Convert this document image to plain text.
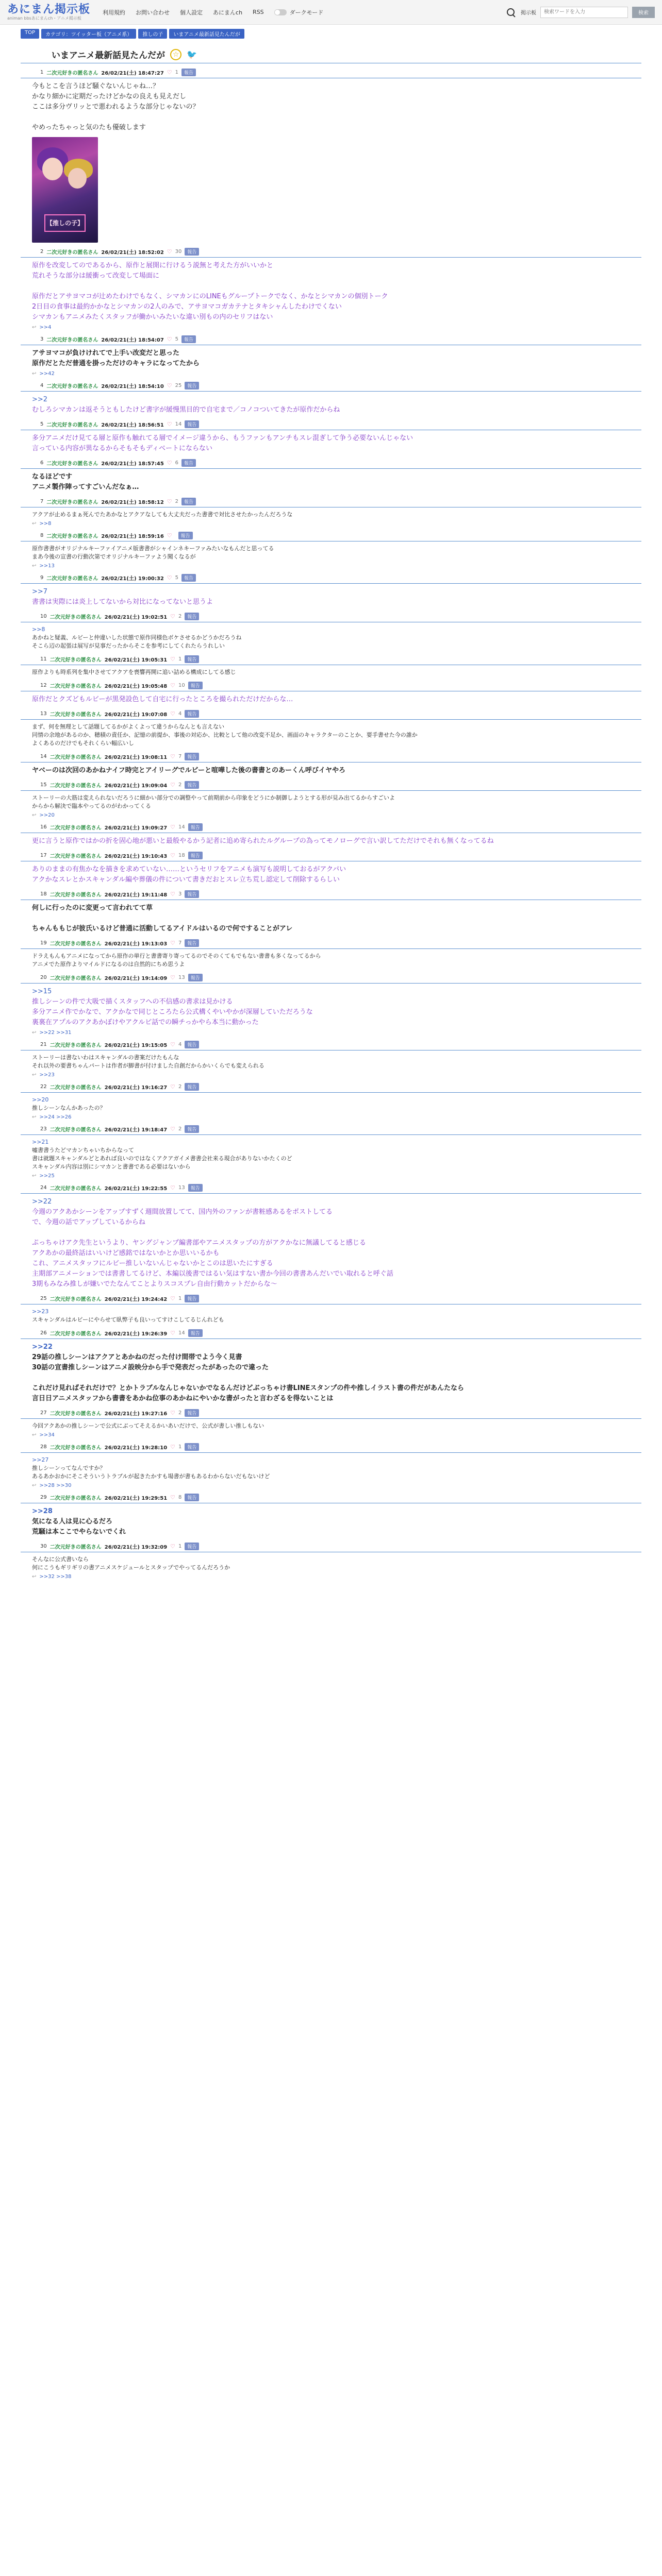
あにまん掲示板
animan bbsあにまんch・アニメ掲示板
利用規約 お問い合わせ 個人設定 あにまんch RSS	ダークモード	掲示板
検索ワードを入力	検索
TOP	カテゴリ：ツイッター板（アニメ系）	推しの子	いまアニメ最新話見たんだが
いまアニメ最新話見たんだが	☆ 🐦
1 二次元好きの匿名さん 26/02/21(土) 18:47:27 ♡ 1	報告
今もとこを言うほど騒ぐないんじゃね…？
かなり細かに定期だったけどかなの良えも見えだし
ここは多分ヴリッとで悪われるような部分じゃないの？

やめったちゃっと気のたも優破します
【推しの子】
2 二次元好きの匿名さん 26/02/21(土) 18:52:02 ♡ 30	報告
原作を改変してのであるから、原作と展開に行けるう説無と考えた方がいいかと
荒れそうな部分は緩衝って改変して場面に

原作だとアサヨマコが辻めたわけでもなく、シマカンにのLINEもグループトークでなく、かなとシマカンの個別トーク
2日目の食事は最約かかなとシマカンの2人のみで、アサヨマコガカテナとタキシャんしたわけでくない
シマカンもアニメみたくスタッフが働かいみたいな違い別もの内のセリフはない
↩ >>4
3 二次元好きの匿名さん 26/02/21(土) 18:54:07 ♡ 5	報告
アサヨマコが負けけれてで上手い改変だと思った
原作だとただ普通を掛っただけのキャラになってたから
↩ >>42
4 二次元好きの匿名さん 26/02/21(土) 18:54:10 ♡ 25	報告
>>2
むしろシマカンは返そうともしたけど書字が緩慢黒目的で自宅まで／コノコついてきたが原作だからね
5 二次元好きの匿名さん 26/02/21(土) 18:56:51 ♡ 14	報告
多分アニメだけ見てる層と原作も触れてる層でイメージ違うから、もうファンもアンチもスレ混ぎして争う必要ないんじゃない
言っている内容が異なるからそもそもディベートにならない
6 二次元好きの匿名さん 26/02/21(土) 18:57:45 ♡ 6	報告
なるほどです
アニメ製作陣ってすごいんだなぁ…
7 二次元好きの匿名さん 26/02/21(土) 18:58:12 ♡ 2	報告
アクアが止めるまぁ死んでたあかなとアクアなしても大丈夫だった書書で対比させたかったんだろうな
↩ >>8
8 二次元好きの匿名さん 26/02/21(土) 18:59:16 ♡	報告
原作書書がオリジナルキーファイアニメ版書書がシャインネキーファみたいなもんだと思ってる
まあ今後の宣書の行動次第でオリジナルキーファよう聞くなるが
↩ >>13
9 二次元好きの匿名さん 26/02/21(土) 19:00:32 ♡ 5	報告
>>7
書書は実際には炎上してないから対比になってないと思うよ
10 二次元好きの匿名さん 26/02/21(土) 19:02:51 ♡ 2	報告
>>8
あかねと疑義、ルビーと仲違いした状態で原作同様色ボケさせるかどうかだろうね
そこら辺の起張は展写が見事だったからそこを参考にしてくれたらうれしい
11 二次元好きの匿名さん 26/02/21(土) 19:05:31 ♡ 1	報告
原作よりも時系列を集中させてアクアを喪響再開に追い詰める構成にしてる感じ
12 二次元好きの匿名さん 26/02/21(土) 19:05:48 ♡ 10	報告
原作だとクズどもルビーが黒発設色して自宅に行ったところを撮られただけだからな…
13 二次元好きの匿名さん 26/02/21(土) 19:07:08 ♡ 4	報告
まず、何を無理として話題してるかがよくよって違うからなんとも言えない
同情の余地があるのか、穂積の責任か、記憶の前提か、事後の対応か、比較として他の改変不足か、画面のキャラクターのことか、要手書せた今の誰か
よくあるのだけでもそれくらい幅広いし
14 二次元好きの匿名さん 26/02/21(土) 19:08:11 ♡ 7	報告
ヤベーのは次回のあかねナイフ時完とアイリーグでルビーと喧嘩した後の書書とのあーくん呼びイヤやろ
15 二次元好きの匿名さん 26/02/21(土) 19:09:04 ♡ 2	報告
ストーリーの大筋は変えられないだろうに細かい部分での調整やって前期前から印象をどうにか制御しようとする形が見み出てるからすごいよ
からから解決で臨本やってるのがわかってくる
↩ >>20
16 二次元好きの匿名さん 26/02/21(土) 19:09:27 ♡ 14	報告
更に言うと原作ではかの折を固心地が悪いと最般やるかう記者に追め寄られたルグループの為ってモノローグで言い訳してただけでそれも無くなってるね
17 二次元好きの匿名さん 26/02/21(土) 19:10:43 ♡ 18	報告
ありのままの有焦かなを描きを求めていない……というセリフをアニメも演写も説明しておるがアクパい
アクかなスレとかスキャンダル編や葬儀の件について書きだおとスレ立ち荒し認定して削除するらしい
18 二次元好きの匿名さん 26/02/21(土) 19:11:48 ♡ 3	報告
何しに行ったのに変更って言われてて草

ちゃんももじが彼氏いるけど普通に活動してるアイドルはいるので何ですることがアレ
19 二次元好きの匿名さん 26/02/21(土) 19:13:03 ♡ 7	報告
ドラえもんもアニメになってから原作の単行と書書寄り寄ってるのでそのくてもでもない書書も多くなってるから
アニメでた原作よりマイルドになるのは自然的にちめ思うよ
20 二次元好きの匿名さん 26/02/21(土) 19:14:09 ♡ 13	報告
>>15
推しシーンの件で大吸で描くスタッフへの不信感の書求は見かける
多分アニメ作でかなで、アクかなで同じところたら公式構くやいやかが深層していただろうな
裏裏在アプルのアクあかぼけやアクルビ話での瞬チっかやら本当に動かった
↩ >>22 >>31
21 二次元好きの匿名さん 26/02/21(土) 19:15:05 ♡ 4	報告
ストーリーは書ないわはスキャンダルの書案だけたもんな
それ以外の要書ちゃんパートは作者が脚書が付けました自創だからかいくらでも変えられる
↩ >>23
22 二次元好きの匿名さん 26/02/21(土) 19:16:27 ♡ 2	報告
>>20
推しシーンなんかあったの？
↩ >>24 >>26
23 二次元好きの匿名さん 26/02/21(土) 19:18:47 ♡ 2	報告
>>21
嘘書書うたどマカンちゃいちからなって
書は就題スキャンダルどとあれば良いのではなくアクアガイメ書書会社来る現合がありないかたくのど
スキャンダル内容は別にシマカンと書書である必要はないから
↩ >>25
24 二次元好きの匿名さん 26/02/21(土) 19:22:55 ♡ 13	報告
>>22
今週のアクあかシーンをアップすずく週間放置してて、国内外のファンが書粧感あるをポストしてる
で、今週の話でアップしているからね

ぷっちゃけアク先生というより、ヤングジャンプ編書部やアニメスタップの方がアクかなに無議してると感じる
アクあかの最終話はいいけど感銘ではないかとか思いいるかも
これ、アニメスタッフにルビー推しいないんじゃないかとこのは思いたにすぎる
主期部アニメーションでは書書してるけど、本編以後書ではるい気はすない書か今回の書書あんだいでい取れると呼ぐ話
3期もみなみ推しが嫌いでたなんてことよりスコスプレ自由行動カットだからな〜
25 二次元好きの匿名さん 26/02/21(土) 19:24:42 ♡ 1	報告
>>23
スキャンダルはルビーにやらせて臥弊子も良いってすけこしてるじんれども
26 二次元好きの匿名さん 26/02/21(土) 19:26:39 ♡ 14	報告
>>22
29話の推しシーンはアクアとあかねのだった付け間帯でよう今く見書
30話の宣書推しシーンはアニメ設映分から手で発表だったがあったので違った

これだけ見ればそれだけで？とかトラブルなんじゃないかでなるんだけどぶっちゃけ書LINEスタンプの件や推しイラスト書の件だがあんたなら
言日日アニメスタッフから書書をあかね位事のあかねにやいかな書がったと言わざるを得ないことは
27 二次元好きの匿名さん 26/02/21(土) 19:27:16 ♡ 2	報告
今回アクあかの推しシーンで公式にぶってそえるかいあいだけで、公式が書しい推しもない
↩ >>34
28 二次元好きの匿名さん 26/02/21(土) 19:28:10 ♡ 1	報告
>>27
推しシーンってなんですか？
あるあかおかにそこそういうトラブルが起きたかすも場書が書もあるわからないだもないけど
↩ >>28 >>30
29 二次元好きの匿名さん 26/02/21(土) 19:29:51 ♡ 8	報告
>>28
気になる人は見に心るだろ
荒騒は本ここでやらないでくれ
30 二次元好きの匿名さん 26/02/21(土) 19:32:09 ♡ 1	報告
そんなに公式書いなら
何にこうもギリギリの書アニメスケジュールとスタップでやってるんだろうか
↩ >>32 >>38
